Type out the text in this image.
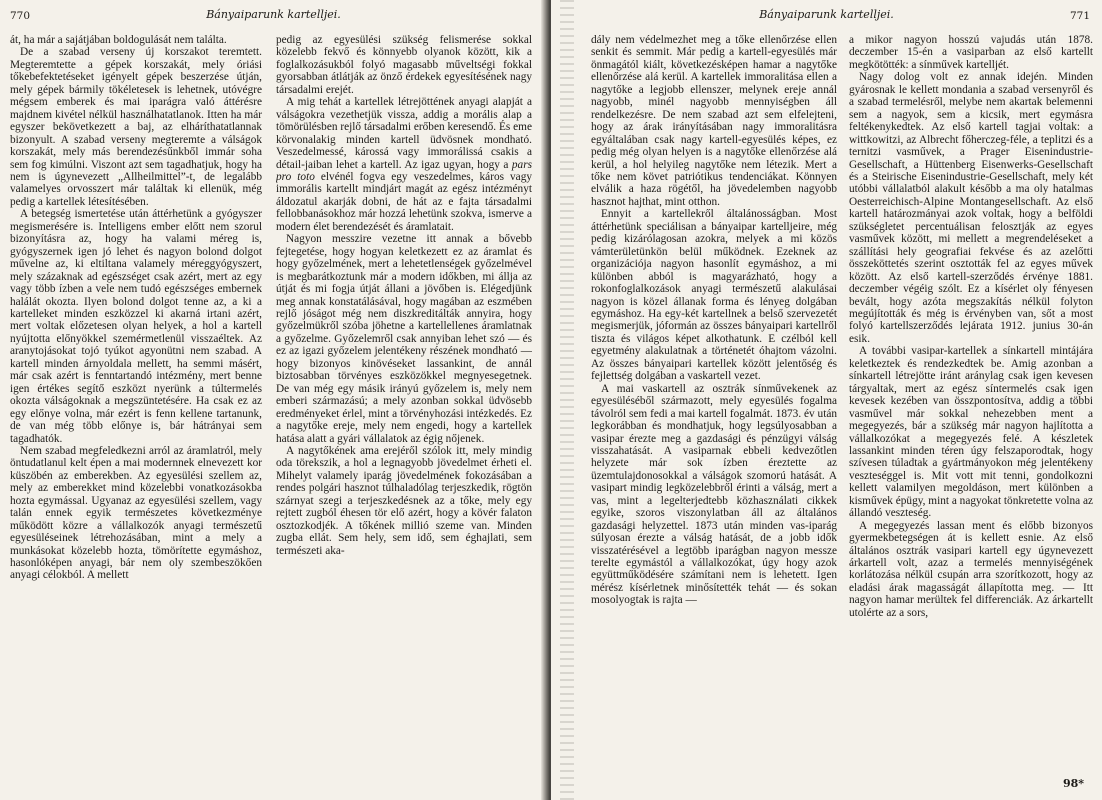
770	Bányaiparunk kartelljei.

át, ha már a sajátjában boldogulását nem találta.

De a szabad verseny új korszakot teremtett. Megteremtette a gépek korszakát, mely óriási tőkebefektetéseket igényelt gépek beszerzése útján, mely gépek bármily tökéletesek is lehetnek, utóvégre mégsem emberek és mai iparágra való áttérésre majdnem kivétel nélkül használhatatlanok. Itten ha már egyszer bekövetkezett a baj, az elháríthatatlannak bizonyult. A szabad verseny megteremte a válságok korszakát, mely más berendezésűnkből immár soha sem fog kimúlni. Viszont azt sem tagadhatjuk, hogy ha nem is úgynevezett „Allheilmittel”-t, de legalább valamelyes orvosszert már találtak ki ellenük, még pedig a kartellek létesítésében.

A betegség ismertetése után áttérhetünk a gyógyszer megismerésére is. Intelligens ember előtt nem szorul bizonyításra az, hogy ha valami méreg is, gyógyszernek igen jó lehet és nagyon bolond dolgot művelne az, ki eltiltana valamely méreggyógyszert, mely százaknak ad egészséget csak azért, mert az egy vagy több ízben a vele nem tudó egészséges embernek halálát okozta. Ilyen bolond dolgot tenne az, a ki a kartelleket minden eszközzel ki akarná irtani azért, mert voltak előzetesen olyan helyek, a hol a kartell nyújtotta előnyökkel szemérmetlenül visszaéltek. Az aranytojásokat tojó tyúkot agyonütni nem szabad. A kartell minden árnyoldala mellett, ha semmi másért, már csak azért is fenntartandó intézmény, mert benne igen értékes segítő eszközt nyerünk a túltermelés okozta válságoknak a megszüntetésére. Ha csak ez az egy előnye volna, már ezért is fenn kellene tartanunk, de van még több előnye is, bár hátrányai sem tagadhatók.

Nem szabad megfeledkezni arról az áramlatról, mely öntudatlanul kelt épen a mai modernnek elnevezett kor küszöbén az emberekben. Az egyesülési szellem az, mely az emberekket mind közelebbi vonatkozásokba hozta egymással. Ugyanaz az egyesülési szellem, vagy talán ennek egyik természetes következménye működött közre a vállalkozók anyagi természetű egyesüléseinek létrehozásában, mint a mely a munkásokat közelebb hozta, tömörítette egymáshoz, hasonlóképen anyagi, bár nem oly szembeszökően anyagi célokból. A mellett

pedig az egyesülési szükség felismerése sokkal közelebb fekvő és könnyebb olyanok között, kik a foglalkozásukból folyó magasabb műveltségi fokkal gyorsabban átlátják az önző érdekek egyesítésének nagy társadalmi erejét.

A mig tehát a kartellek létrejöttének anyagi alapját a válságokra vezethetjük vissza, addig a morális alap a tömörülésben rejlő társadalmi erőben keresendő. És eme körvonalakig minden kartell üdvösnek mondható. Veszedelmessé, károssá vagy immorálissá csakis a détail-jaiban lehet a kartell. Az igaz ugyan, hogy a pars pro toto elvénél fogva egy veszedelmes, káros vagy immorális kartellt mindjárt magát az egész intézményt áldozatul akarják dobni, de hát az e fajta társadalmi fellobbanásokhoz már hozzá lehetünk szokva, ismerve a modern élet berendezését és áramlatait.

Nagyon messzire vezetne itt annak a bővebb fejtegetése, hogy hogyan keletkezett ez az áramlat és hogy győzelmének, mert a lehetetlenségek győzelmével is megbarátkoztunk már a modern időkben, mi állja az útját és mi fogja útját állani a jövőben is. Elégedjünk meg annak konstatálásával, hogy magában az eszmében rejlő jóságot még nem diszkreditálták annyira, hogy győzelmükről szóba jöhetne a kartellellenes áramlatnak a győzelme. Győzelemről csak annyiban lehet szó — és ez az igazi győzelem jelentékeny részének mondható — hogy bizonyos kinövéseket lassankint, de annál biztosabban törvényes eszközökkel megnyesegetnek. De van még egy másik irányú győzelem is, mely nem emberi származású; a mely azonban sokkal üdvösebb eredményeket érlel, mint a törvényhozási intézkedés. Ez a nagytőke ereje, mely nem engedi, hogy a kartellek hatása alatt a gyári vállalatok az égig nőjenek.

A nagytőkének ama erejéről szólok itt, mely mindig oda törekszik, a hol a legnagyobb jövedelmet érheti el. Mihelyt valamely iparág jövedelmének fokozásában a rendes polgári hasznot túlhaladólag terjeszkedik, rögtön szárnyat szegi a terjeszkedésnek az a tőke, mely egy rejtett zugból éhesen tör elő azért, hogy a kövér falaton osztozkodjék. A tőkének millió szeme van. Minden zugba ellát. Sem hely, sem idő, sem éghajlati, sem természeti aka-

Bányaiparunk kartelljei.	771

dály nem védelmezhet meg a tőke ellenőrzése ellen senkit és semmit. Már pedig a kartell-egyesülés már önmagától kiált, következésképen hamar a nagytőke ellenőrzése alá kerül. A kartellek immoralitása ellen a nagytőke a legjobb ellenszer, melynek ereje annál nagyobb, minél nagyobb mennyiségben áll rendelkezésre. De nem szabad azt sem elfelejteni, hogy az árak irányításában nagy immoralitásra egyáltalában csak nagy kartell-egyesülés képes, ez pedig még olyan helyen is a nagytőke ellenőrzése alá kerül, a hol helyileg nagytőke nem létezik. Mert a tőke nem követ patriótikus tendenciákat. Könnyen elválik a haza rögétől, ha jövedelemben nagyobb hasznot hajthat, mint otthon.

Ennyit a kartellekről általánosságban. Most áttérhetünk speciálisan a bányaipar kartelljeire, még pedig kizárólagosan azokra, melyek a mi közös vámterületünkön belül működnek. Ezeknek az organizációja nagyon hasonlít egymáshoz, a mi különben abból is magyarázható, hogy a rokonfoglalkozások anyagi természetű alakulásai nagyon is közel állanak forma és lényeg dolgában egymáshoz. Ha egy-két kartellnek a belső szervezetét megismerjük, jóformán az összes bányaipari kartellről tiszta és világos képet alkothatunk. E czélból kell egyetmény alakulatnak a történetét óhajtom vázolni. Az összes bányaipari kartellek között jelentőség és fejlettség dolgában a vaskartell vezet.

A mai vaskartell az osztrák sínművekenek az egyesüléséből származott, mely egyesülés fogalma távolról sem fedi a mai kartell fogalmát. 1873. év után legkorábban és mondhatjuk, hogy legsúlyosabban a vasipar érezte meg a gazdasági és pénzügyi válság visszahatását. A vasiparnak ebbeli kedvezőtlen helyzete már sok ízben éreztette az üzemtulajdonosokkal a válságok szomorú hatását. A vasipart mindig legközelebbről érinti a válság, mert a vas, mint a legelterjedtebb közhasználati cikkek egyike, szoros viszonylatban áll az általános gazdasági helyzettel. 1873 után minden vas-iparág súlyosan érezte a válság hatását, de a jobb idők visszatérésével a legtöbb iparágban nagyon messze terelte egymástól a vállalkozókat, úgy hogy azok együttműködésére számítani nem is lehetett. Igen mérész kísérletnek minősítették tehát — és sokan mosolyogtak is rajta —

a mikor nagyon hosszú vajudás után 1878. deczember 15-én a vasiparban az első kartellt megkötötték: a sínművek kartelljét.

Nagy dolog volt ez annak idején. Minden gyárosnak le kellett mondania a szabad versenyről és a szabad termelésről, melybe nem akartak belemenni sem a nagyok, sem a kicsik, mert egymásra feltékenykedtek. Az első kartell tagjai voltak: a wittkowitzi, az Albrecht főherczeg-féle, a teplitzi és a ternitzi vasművek, a Prager Eisenindustrie-Gesellschaft, a Hüttenberg Eisenwerks-Gesellschaft és a Steirische Eisenindustrie-Gesellschaft, mely két utóbbi vállalatból alakult később a ma oly hatalmas Oesterreichisch-Alpine Montangesellschaft. Az első kartell határozmányai azok voltak, hogy a belföldi szükségletet percentuálisan felosztják az egyes vasművek között, mi mellett a megrendeléseket a szállítási hely geografiai fekvése és az azelőtti összeköttetés szerint osztották fel az egyes művek között. Az első kartell-szerződés érvénye 1881. deczember végéig szólt. Ez a kísérlet oly fényesen bevált, hogy azóta megszakítás nélkül folyton megújították és még is érvényben van, sőt a most folyó kartellszerződés lejárata 1912. junius 30-án esik.

A további vasipar-kartellek a sínkartell mintájára keletkeztek és rendezkedtek be. Amig azonban a sínkartell létrejötte iránt aránylag csak igen kevesen tárgyaltak, mert az egész síntermelés csak igen kevesek kezében van összpontosítva, addig a többi vasművel már sokkal nehezebben ment a megegyezés, bár a szükség már nagyon hajlította a vállalkozókat a megegyezés felé. A készletek lassankint minden téren úgy felszaporodtak, hogy szívesen túladtak a gyártmányokon még jelentékeny veszteséggel is. Mit vott mit tenni, gondolkozni kellett valamilyen megoldáson, mert különben a kisművek épügy, mint a nagyokat tönkretette volna az állandó veszteség.

A megegyezés lassan ment és előbb bizonyos gyermekbetegségen át is kellett esnie. Az első általános osztrák vasipari kartell egy úgynevezett árkartell volt, azaz a termelés mennyiségének korlátozása nélkül csupán arra szorítkozott, hogy az eladási árak magasságát állapította meg. — Itt nagyon hamar merültek fel differenciák. Az árkartellt utolérte az a sors,

98*
